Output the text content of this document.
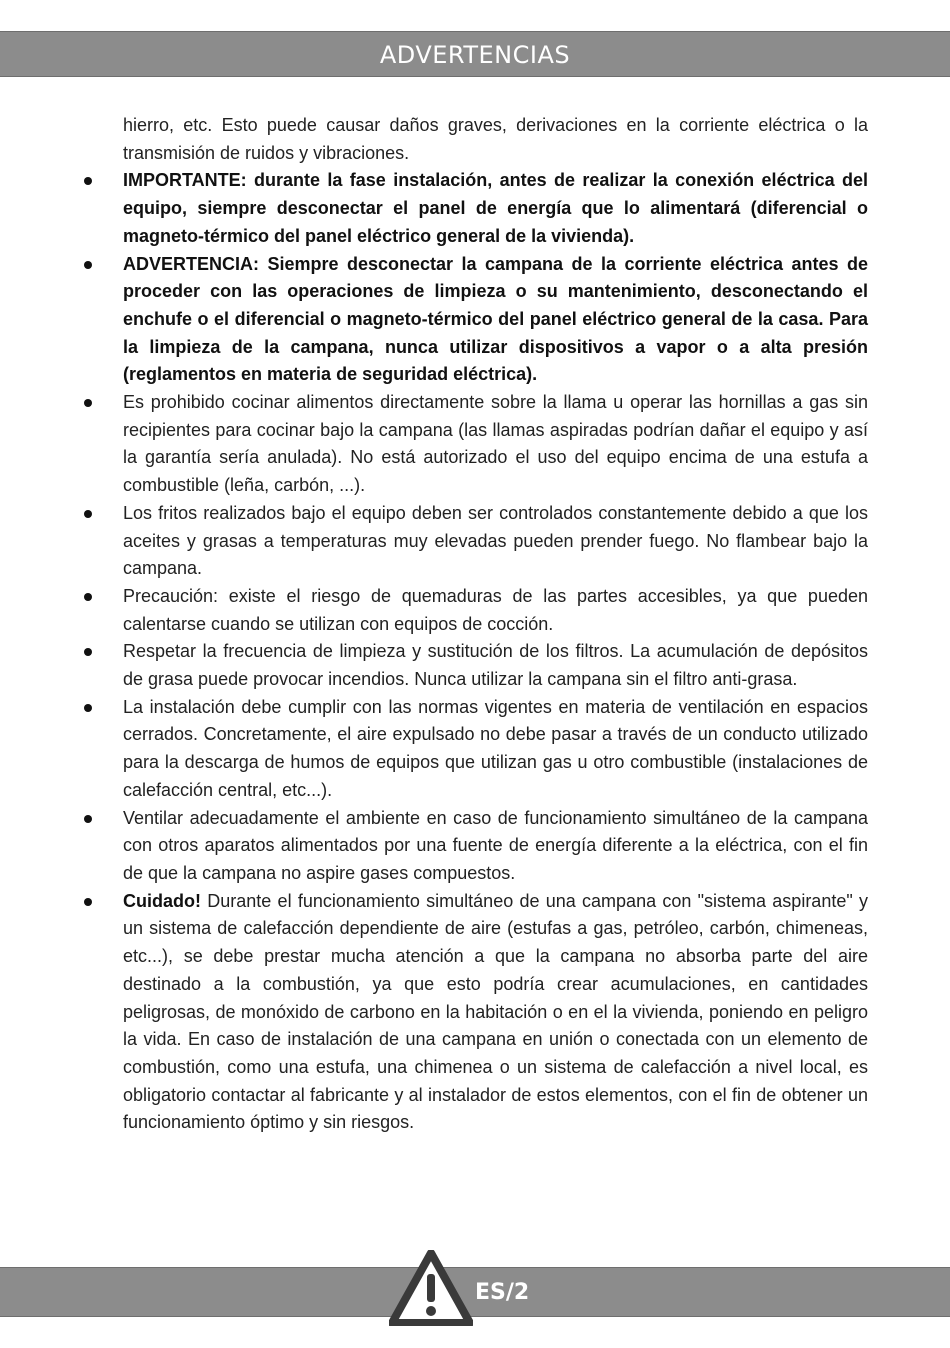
ADVERTENCIAS

hierro, etc. Esto puede causar daños graves, derivaciones en la corriente eléctrica o la transmisión de ruidos y vibraciones.

IMPORTANTE: durante la fase instalación, antes de realizar la conexión eléctrica del equipo, siempre desconectar el panel de energía que lo alimentará (diferencial o magneto-térmico del panel eléctrico general de la vivienda).
ADVERTENCIA: Siempre desconectar la campana de la corriente eléctrica antes de proceder con las operaciones de limpieza o su mantenimiento, desconectando el enchufe o el diferencial o magneto-térmico del panel eléctrico general de la casa. Para la limpieza de la campana, nunca utilizar dispositivos a vapor o a alta presión (reglamentos en materia de seguridad eléctrica).
Es prohibido cocinar alimentos directamente sobre la llama u operar las hornillas a gas sin recipientes para cocinar bajo la campana (las llamas aspiradas podrían dañar el equipo y así la garantía sería anulada). No está autorizado el uso del equipo encima de una estufa a combustible (leña, carbón, ...).
Los fritos realizados bajo el equipo deben ser controlados constantemente debido a que los aceites y grasas a temperaturas muy elevadas pueden prender fuego. No flambear bajo la campana.
Precaución: existe el riesgo de quemaduras de las partes accesibles, ya que pueden calentarse cuando se utilizan con equipos de cocción.
Respetar la frecuencia de limpieza y sustitución de los filtros. La acumulación de depósitos de grasa puede provocar incendios. Nunca utilizar la campana sin el filtro anti-grasa.
La instalación debe cumplir con las normas vigentes en materia de ventilación en espacios cerrados. Concretamente, el aire expulsado no debe pasar a través de un conducto utilizado para la descarga de humos de equipos que utilizan gas u otro combustible (instalaciones de calefacción central, etc...).
Ventilar adecuadamente el ambiente en caso de funcionamiento simultáneo de la campana con otros aparatos alimentados por una fuente de energía diferente a la eléctrica, con el fin de que la campana no aspire gases compuestos.
Cuidado! Durante el funcionamiento simultáneo de una campana con "sistema aspirante" y un sistema de calefacción dependiente de aire (estufas a gas, petróleo, carbón, chimeneas, etc...), se debe prestar mucha atención a que la campana no absorba parte del aire destinado a la combustión, ya que esto podría crear acumulaciones, en cantidades peligrosas, de monóxido de carbono en la habitación o en el la vivienda, poniendo en peligro la vida. En caso de instalación de una campana en unión o conectada con un elemento de combustión, como una estufa, una chimenea o un sistema de calefacción a nivel local, es obligatorio contactar al fabricante y al instalador de estos elementos, con el fin de obtener un funcionamiento óptimo y sin riesgos.
ES/2
